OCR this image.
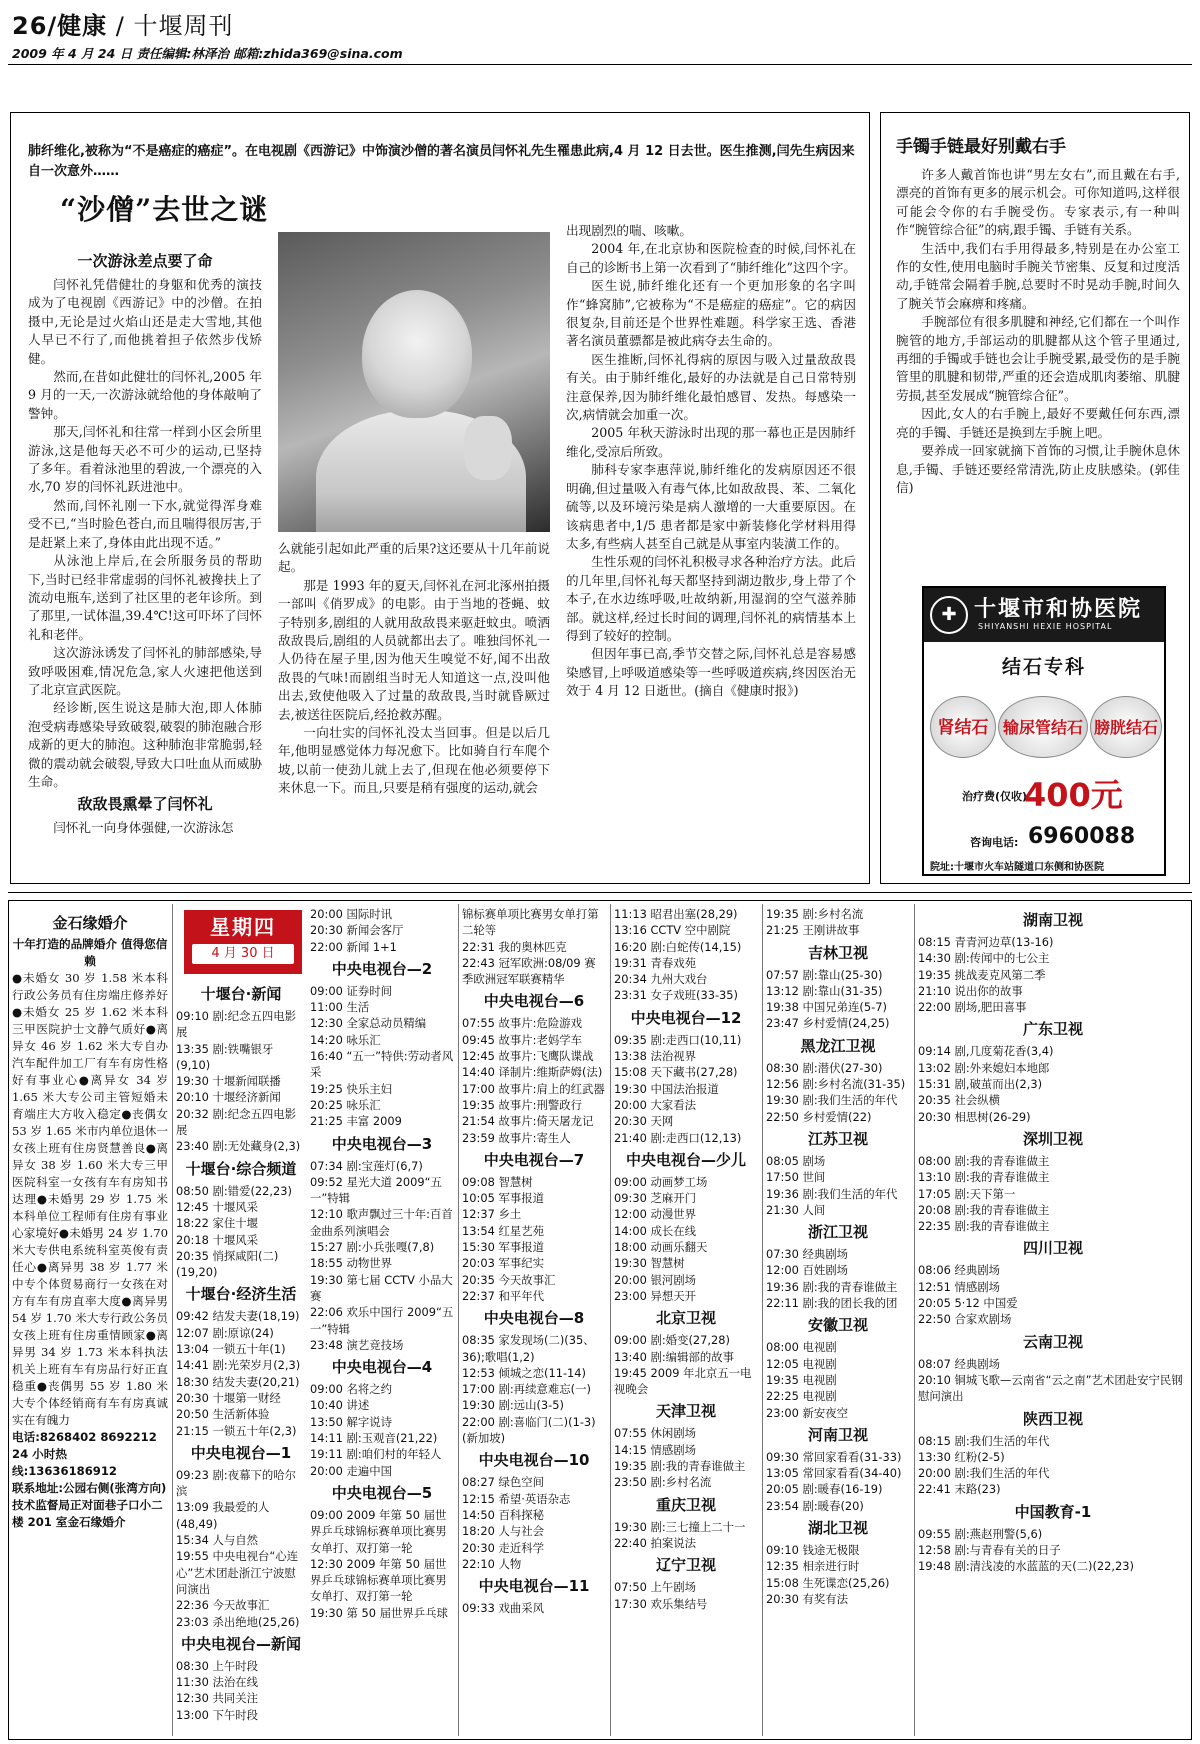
26/健康 / 十堰周刊
2009 年 4 月 24 日 责任编辑:林泽治 邮箱:zhida369@sina.com
肺纤维化,被称为“不是癌症的癌症”。在电视剧《西游记》中饰演沙僧的著名演员闫怀礼先生罹患此病,4 月 12 日去世。医生推测,闫先生病因来自一次意外……
“沙僧”去世之谜
一次游泳差点要了命

闫怀礼凭借健壮的身躯和优秀的演技成为了电视剧《西游记》中的沙僧。在拍摄中,无论是过火焰山还是走大雪地,其他人早已不行了,而他挑着担子依然步伐矫健。

然而,在昔如此健壮的闫怀礼,2005 年 9 月的一天,一次游泳就给他的身体敲响了警钟。

那天,闫怀礼和往常一样到小区会所里游泳,这是他每天必不可少的运动,已坚持了多年。看着泳池里的碧波,一个漂亮的入水,70 岁的闫怀礼跃进池中。

然而,闫怀礼刚一下水,就觉得浑身难受不已,“当时脸色苍白,而且喘得很厉害,于是赶紧上来了,身体由此出现不适。”

从泳池上岸后,在会所服务员的帮助下,当时已经非常虚弱的闫怀礼被搀扶上了流动电瓶车,送到了社区里的老年诊所。到了那里,一试体温,39.4℃!这可吓坏了闫怀礼和老伴。

这次游泳诱发了闫怀礼的肺部感染,导致呼吸困难,情况危急,家人火速把他送到了北京宣武医院。

经诊断,医生说这是肺大泡,即人体肺泡受病毒感染导致破裂,破裂的肺泡融合形成新的更大的肺泡。这种肺泡非常脆弱,轻微的震动就会破裂,导致大口吐血从而威胁生命。

敌敌畏熏晕了闫怀礼

闫怀礼一向身体强健,一次游泳怎

么就能引起如此严重的后果?这还要从十几年前说起。

那是 1993 年的夏天,闫怀礼在河北涿州拍摄一部叫《俏罗成》的电影。由于当地的苍蝇、蚊子特别多,剧组的人就用敌敌畏来驱赶蚊虫。喷洒敌敌畏后,剧组的人员就都出去了。唯独闫怀礼一人仍待在屋子里,因为他天生嗅觉不好,闻不出敌敌畏的气味!而剧组当时无人知道这一点,没叫他出去,致使他吸入了过量的敌敌畏,当时就昏厥过去,被送往医院后,经抢救苏醒。

一向壮实的闫怀礼没太当回事。但是以后几年,他明显感觉体力每况愈下。比如骑自行车爬个坡,以前一使劲儿就上去了,但现在他必须要停下来休息一下。而且,只要是稍有强度的运动,就会

出现剧烈的喘、咳嗽。

2004 年,在北京协和医院检查的时候,闫怀礼在自己的诊断书上第一次看到了“肺纤维化”这四个字。

医生说,肺纤维化还有一个更加形象的名字叫作“蜂窝肺”,它被称为“不是癌症的癌症”。它的病因很复杂,目前还是个世界性难题。科学家王选、香港著名演员董骠都是被此病夺去生命的。

医生推断,闫怀礼得病的原因与吸入过量敌敌畏有关。由于肺纤维化,最好的办法就是自己日常特别注意保养,因为肺纤维化最怕感冒、发热。每感染一次,病情就会加重一次。

2005 年秋天游泳时出现的那一幕也正是因肺纤维化,受凉后所致。

肺科专家李惠萍说,肺纤维化的发病原因还不很明确,但过量吸入有毒气体,比如敌敌畏、苯、二氧化硫等,以及环境污染是病人激增的一大重要原因。在该病患者中,1/5 患者都是家中新装修化学材料用得太多,有些病人甚至自己就是从事室内装潢工作的。

生性乐观的闫怀礼积极寻求各种治疗方法。此后的几年里,闫怀礼每天都坚持到湖边散步,身上带了个本子,在水边练呼吸,吐故纳新,用湿润的空气滋养肺部。就这样,经过长时间的调理,闫怀礼的病情基本上得到了较好的控制。

但因年事已高,季节交替之际,闫怀礼总是容易感染感冒,上呼吸道感染等一些呼吸道疾病,终因医治无效于 4 月 12 日逝世。(摘自《健康时报》)

手镯手链最好别戴右手

许多人戴首饰也讲“男左女右”,而且戴在右手,漂亮的首饰有更多的展示机会。可你知道吗,这样很可能会令你的右手腕受伤。专家表示,有一种叫作“腕管综合征”的病,跟手镯、手链有关系。

生活中,我们右手用得最多,特别是在办公室工作的女性,使用电脑时手腕关节密集、反复和过度活动,手链常会隔着手腕,总要时不时晃动手腕,时间久了腕关节会麻痹和疼痛。

手腕部位有很多肌腱和神经,它们都在一个叫作腕管的地方,手部运动的肌腱都从这个管子里通过,再细的手镯或手链也会让手腕受累,最受伤的是手腕管里的肌腱和韧带,严重的还会造成肌肉萎缩、肌腱劳损,甚至发展成“腕管综合征”。

因此,女人的右手腕上,最好不要戴任何东西,漂亮的手镯、手链还是换到左手腕上吧。

要养成一回家就摘下首饰的习惯,让手腕休息休息,手镯、手链还要经常清洗,防止皮肤感染。(郭佳信)

✚ 十堰市和协医院
SHIYANSHI HEXIE HOSPITAL
结石专科
肾结石 输尿管结石 膀胱结石
治疗费(仅收)
400元
咨询电话: 6960088
院址:十堰市火车站隧道口东侧和协医院
金石缘婚介
十年打造的品牌婚介 值得您信赖
●未婚女 30 岁 1.58 米本科行政公务员有住房端庄修养好●未婚女 25 岁 1.62 米本科三甲医院护士文静气质好●离异女 46 岁 1.62 米大专自办汽车配件加工厂有车有房性格好有事业心●离异女 34 岁 1.65 米大专公司主管短婚未育端庄大方收入稳定●丧偶女 53 岁 1.65 米市内单位退休一女孩上班有住房贤慧善良●离异女 38 岁 1.60 米大专三甲医院科室一女孩有车有房知书达理●未婚男 29 岁 1.75 米本科单位工程师有住房有事业心家境好●未婚男 24 岁 1.70 米大专供电系统科室英俊有责任心●离异男 38 岁 1.77 米中专个体贸易商行一女孩在对方有车有房直率大度●离异男 54 岁 1.70 米大专行政公务员女孩上班有住房重情顾家●离异男 34 岁 1.73 米本科执法机关上班有车有房品行好正直稳重●丧偶男 55 岁 1.80 米大专个体经销商有车有房真诚实在有魄力
电话:8268402 8692212
24 小时热线:13636186912
联系地址:公园右侧(张湾方向)技术监督局正对面巷子口小二楼 201 室金石缘婚介
星期四
4 月 30 日
十堰台·新闻
09:10 剧:纪念五四电影展
13:35 剧:铁嘴银牙(9,10)
19:30 十堰新闻联播
20:10 十堰经济新闻
20:32 剧:纪念五四电影展
23:40 剧:无处藏身(2,3)
十堰台·综合频道
08:50 剧:错爱(22,23)
12:45 十堰风采
18:22 家住十堰
20:18 十堰风采
20:35 悄探咸阳(二)(19,20)
十堰台·经济生活
09:42 结发夫妻(18,19)
12:07 剧:原谅(24)
13:04 一锁五十年(1)
14:41 剧:光荣岁月(2,3)
18:30 结发夫妻(20,21)
20:30 十堰第一财经
20:50 生活新体验
21:15 一锁五十年(2,3)
中央电视台—1
09:23 剧:夜幕下的哈尔滨
13:09 我最爱的人(48,49)
15:34 人与自然
19:55 中央电视台“心连心”艺术团赴浙江宁波慰问演出
22:36 今天故事汇
23:03 杀出绝地(25,26)
中央电视台—新闻
08:30 上午时段
11:30 法治在线
12:30 共同关注
13:00 下午时段
20:00 国际时讯
20:30 新闻会客厅
22:00 新闻 1+1
中央电视台—2
09:00 证券时间
11:00 生活
12:30 全家总动员精编
14:20 咏乐汇
16:40 “五一”特供:劳动者风采
19:25 快乐主妇
20:25 咏乐汇
21:25 丰富 2009
中央电视台—3
07:34 剧:宝莲灯(6,7)
09:52 星光大道 2009“五一”特辑
12:10 歌声飘过三十年:百首金曲系列演唱会
15:27 剧:小兵张嘎(7,8)
18:55 动物世界
19:30 第七届 CCTV 小品大赛
22:06 欢乐中国行 2009“五一”特辑
23:48 演艺竞技场
中央电视台—4
09:00 名将之约
10:40 讲述
13:50 解字说诗
14:11 剧:玉观音(21,22)
19:11 剧:咱们村的年轻人
20:00 走遍中国
中央电视台—5
09:00 2009 年第 50 届世界乒乓球锦标赛单项比赛男女单打、双打第一轮
12:30 2009 年第 50 届世界乒乓球锦标赛单项比赛男女单打、双打第一轮
19:30 第 50 届世界乒乓球
锦标赛单项比赛男女单打第二轮等
22:31 我的奥林匹克
22:43 冠军欧洲:08/09 赛季欧洲冠军联赛精华
中央电视台—6
07:55 故事片:危险游戏
09:45 故事片:老妈学车
12:45 故事片:飞鹰队谍战
14:40 译制片:维斯萨姆(法)
17:00 故事片:肩上的红武器
19:35 故事片:刑警政行
21:54 故事片:倚天屠龙记
23:59 故事片:寄生人
中央电视台—7
09:08 智慧树
10:05 军事报道
12:37 乡土
13:54 红星艺苑
15:30 军事报道
20:03 军事纪实
20:35 今天故事汇
22:37 和平年代
中央电视台—8
08:35 家发现场(二)(35、36);歌唱(1,2)
12:53 倾城之恋(11-14)
17:00 剧:再续意难忘(一)
19:30 剧:远山(3-5)
22:00 剧:喜临门(二)(1-3)(新加坡)
中央电视台—10
08:27 绿色空间
12:15 希望·英语杂志
14:50 百科探秘
18:20 人与社会
20:30 走近科学
22:10 人物
中央电视台—11
09:33 戏曲采风
11:13 昭君出塞(28,29)
13:16 CCTV 空中剧院
16:20 剧:白蛇传(14,15)
19:31 青春戏苑
20:34 九州大戏台
23:31 女子戏班(33-35)
中央电视台—12
09:35 剧:走西口(10,11)
13:38 法治视界
15:08 天下藏书(27,28)
19:30 中国法治报道
20:00 大家看法
20:30 天网
21:40 剧:走西口(12,13)
中央电视台—少儿
09:00 动画梦工场
09:30 芝麻开门
12:00 动漫世界
14:00 成长在线
18:00 动画乐翻天
19:30 智慧树
20:00 银河剧场
23:00 异想天开
北京卫视
09:00 剧:婚变(27,28)
13:40 剧:编辑部的故事
19:45 2009 年北京五一电视晚会
天津卫视
07:55 休闲剧场
14:15 情感剧场
19:35 剧:我的青春谁做主
23:50 剧:乡村名流
重庆卫视
19:30 剧:三七撞上二十一
22:40 拍案说法
辽宁卫视
07:50 上午剧场
17:30 欢乐集结号
19:35 剧:乡村名流
21:25 王刚讲故事
吉林卫视
07:57 剧:靠山(25-30)
13:12 剧:靠山(31-35)
19:38 中国兄弟连(5-7)
23:47 乡村爱情(24,25)
黑龙江卫视
08:30 剧:潜伏(27-30)
12:56 剧:乡村名流(31-35)
19:30 剧:我们生活的年代
22:50 乡村爱情(22)
江苏卫视
08:05 剧场
17:50 世间
19:36 剧:我们生活的年代
21:30 人间
浙江卫视
07:30 经典剧场
12:00 百姓剧场
19:36 剧:我的青春谁做主
22:11 剧:我的团长我的团
安徽卫视
08:00 电视剧
12:05 电视剧
19:35 电视剧
22:25 电视剧
23:00 新安夜空
河南卫视
09:30 常回家看看(31-33)
13:05 常回家看看(34-40)
20:05 剧:暖春(16-19)
23:54 剧:暖春(20)
湖北卫视
09:10 钱途无极限
12:35 相亲进行时
15:08 生死谍恋(25,26)
20:30 有奖有法
湖南卫视
08:15 青青河边草(13-16)
14:30 剧:传闻中的七公主
19:35 挑战麦克风第二季
21:10 说出你的故事
22:00 剧场,肥田喜事
广东卫视
09:14 剧,几度菊花香(3,4)
13:02 剧:外来媳妇本地郎
15:31 剧,破茧而出(2,3)
20:35 社会纵横
20:30 相思树(26-29)
深圳卫视
08:00 剧:我的青春谁做主
13:10 剧:我的青春谁做主
17:05 剧:天下第一
20:08 剧:我的青春谁做主
22:35 剧:我的青春谁做主
四川卫视
08:06 经典剧场
12:51 情感剧场
20:05 5·12 中国爱
22:50 合家欢剧场
云南卫视
08:07 经典剧场
20:10 铜城飞歌—云南省“云之南”艺术团赴安宁民钢慰问演出
陕西卫视
08:15 剧:我们生活的年代
13:30 红粉(2-5)
20:00 剧:我们生活的年代
22:41 末路(23)
中国教育-1
09:55 剧:燕赵刑警(5,6)
12:58 剧:与青春有关的日子
19:48 剧:清浅凌的水蓝蓝的天(二)(22,23)
